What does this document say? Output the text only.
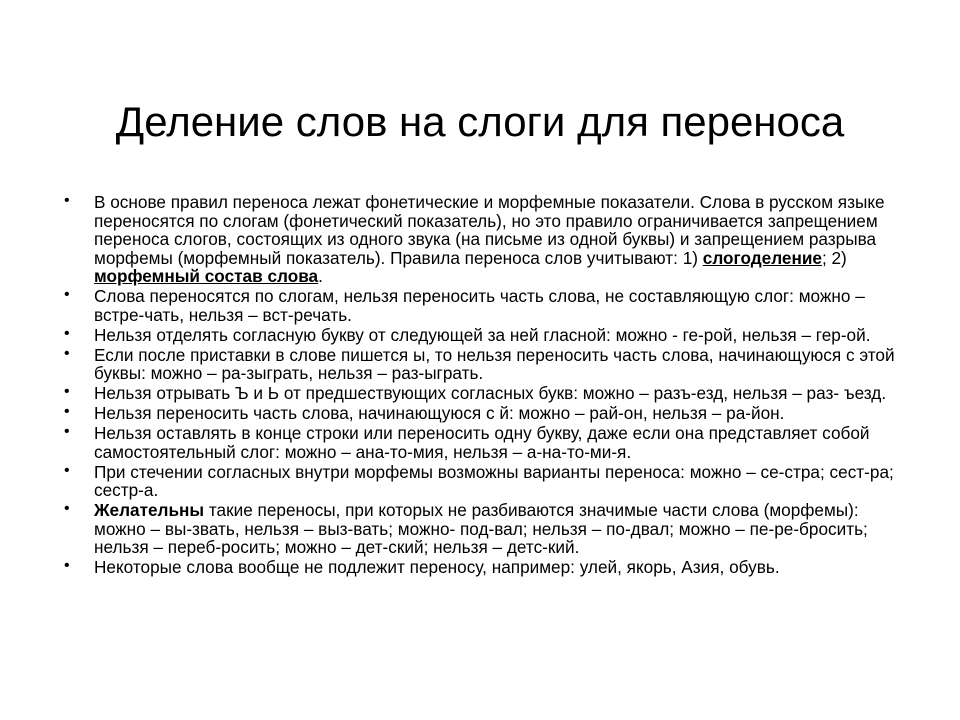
Деление слов на слоги для переноса
• В основе правил переноса лежат фонетические и морфемные показатели. Слова в русском языке переносятся по слогам (фонетический показатель), но это правило ограничивается запрещением переноса слогов, состоящих из одного звука (на письме из одной буквы) и запрещением разрыва морфемы (морфемный показатель). Правила переноса слов учитывают: 1) слогоделение; 2) морфемный состав слова.
• Слова переносятся по слогам, нельзя переносить часть слова, не составляющую слог: можно – встре-чать, нельзя – вст-речать.
• Нельзя отделять согласную букву от следующей за ней гласной: можно - ге-рой, нельзя – гер-ой.
• Если после приставки в слове пишется ы, то нельзя переносить часть слова, начинающуюся с этой буквы: можно – ра-зыграть, нельзя – раз-ыграть.
• Нельзя отрывать Ъ и Ь от предшествующих согласных букв: можно – разъ-езд, нельзя – раз- ъезд.
• Нельзя переносить часть слова, начинающуюся с й: можно – рай-он, нельзя – ра-йон.
• Нельзя оставлять в конце строки или переносить одну букву, даже если она представляет собой самостоятельный слог: можно – ана-то-мия, нельзя – а-на-то-ми-я.
• При стечении согласных внутри морфемы возможны варианты переноса: можно – се-стра; сест-ра; сестр-а.
• Желательны такие переносы, при которых не разбиваются значимые части слова (морфемы): можно – вы-звать, нельзя – выз-вать; можно- под-вал; нельзя – по-двал; можно – пе-ре-бросить; нельзя – переб-росить; можно – дет-ский; нельзя – детс-кий.
• Некоторые слова вообще не подлежит переносу, например: улей, якорь, Азия, обувь.
